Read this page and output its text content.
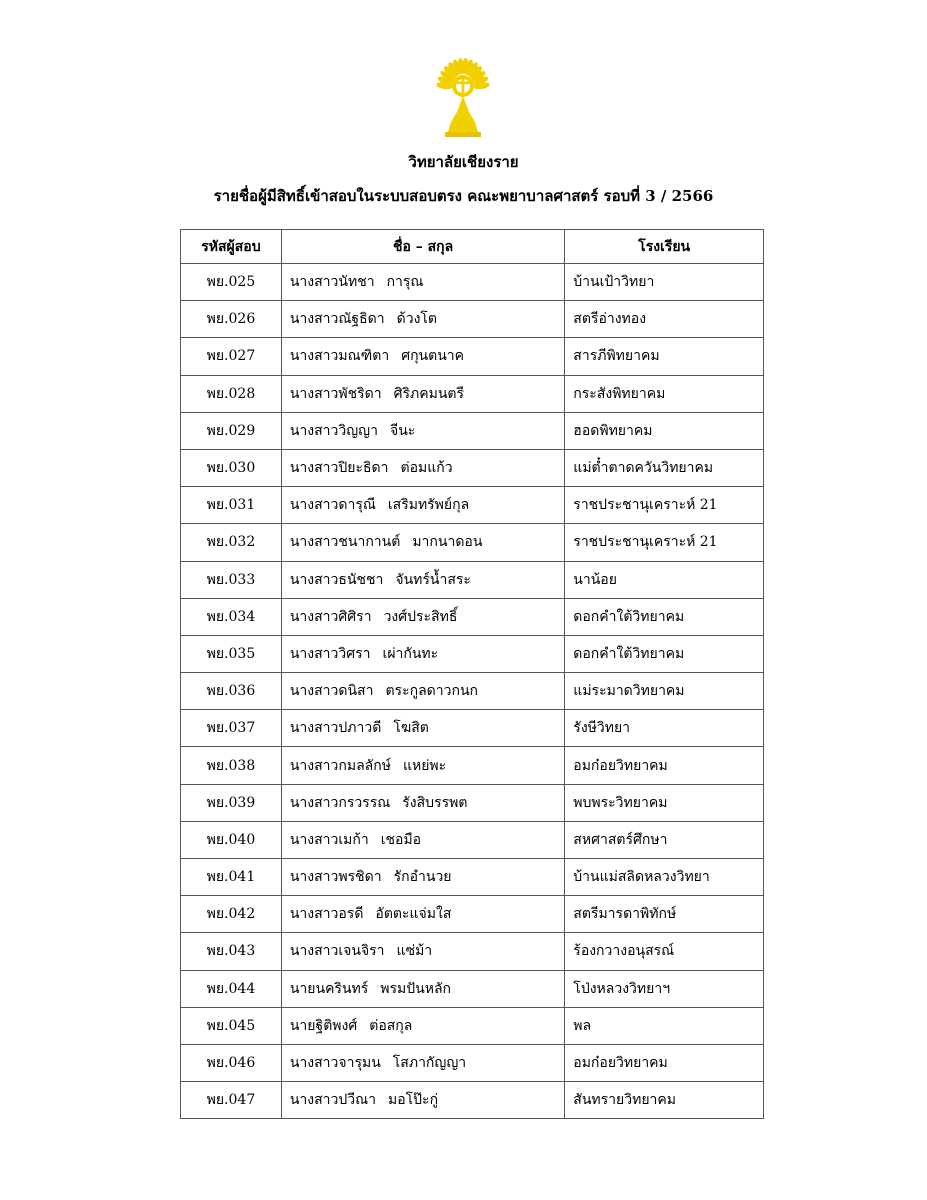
วิทยาลัยเชียงราย
รายชื่อผู้มีสิทธิ์เข้าสอบในระบบสอบตรง คณะพยาบาลศาสตร์ รอบที่ 3 / 2566
รหัสผู้สอบ	ชื่อ – สกุล	โรงเรียน
พย.025	นางสาวนัทชา การุณ	บ้านเป้าวิทยา
พย.026	นางสาวณัฐธิดา ด้วงโต	สตรีอ่างทอง
พย.027	นางสาวมณฑิตา ศกุนตนาค	สารภีพิทยาคม
พย.028	นางสาวพัชริดา ศิริภคมนตรี	กระสังพิทยาคม
พย.029	นางสาววิญญา จีนะ	ฮอดพิทยาคม
พย.030	นางสาวปิยะธิดา ต่อมแก้ว	แม่ต๋ำตาดควันวิทยาคม
พย.031	นางสาวดารุณี เสริมทรัพย์กุล	ราชประชานุเคราะห์ 21
พย.032	นางสาวชนากานต์ มากนาดอน	ราชประชานุเคราะห์ 21
พย.033	นางสาวธนัชชา จันทร์น้ำสระ	นาน้อย
พย.034	นางสาวศิศิรา วงศ์ประสิทธิ์	ดอกคำใต้วิทยาคม
พย.035	นางสาววิศรา เผ่ากันทะ	ดอกคำใต้วิทยาคม
พย.036	นางสาวดนิสา ตระกูลดาวกนก	แม่ระมาดวิทยาคม
พย.037	นางสาวปภาวดี โฆสิต	รังษีวิทยา
พย.038	นางสาวกมลลักษ์ แหย่พะ	อมก๋อยวิทยาคม
พย.039	นางสาวกรวรรณ รังสิบรรพต	พบพระวิทยาคม
พย.040	นางสาวเมก้า เชอมือ	สหศาสตร์ศึกษา
พย.041	นางสาวพรชิดา รักอำนวย	บ้านแม่สลิดหลวงวิทยา
พย.042	นางสาวอรดี อัตตะแจ่มใส	สตรีมารดาพิทักษ์
พย.043	นางสาวเจนจิรา แซ่ม้า	ร้องกวางอนุสรณ์
พย.044	นายนครินทร์ พรมปันหลัก	โป่งหลวงวิทยาฯ
พย.045	นายฐิติพงศ์ ต่อสกุล	พล
พย.046	นางสาวจารุมน โสภากัญญา	อมก๋อยวิทยาคม
พย.047	นางสาวปวีณา มอโป๊ะกู่	สันทรายวิทยาคม
